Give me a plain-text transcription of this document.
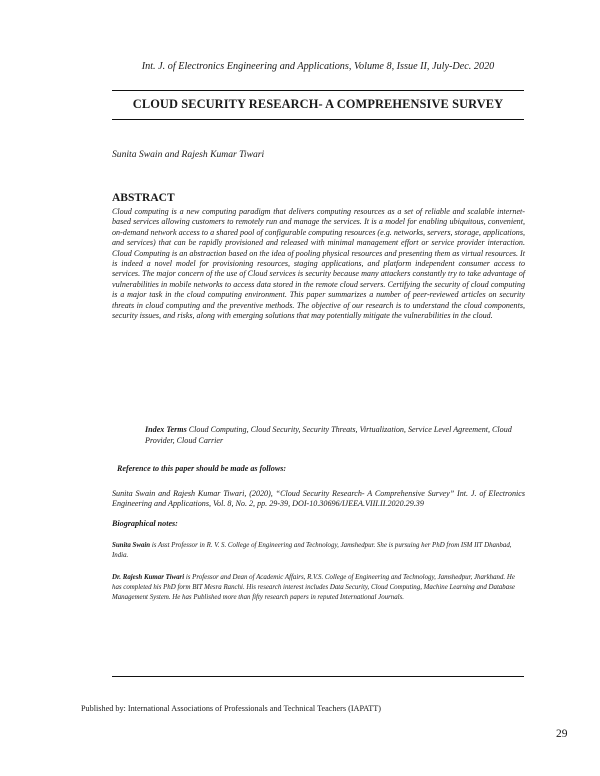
Int. J. of Electronics Engineering and Applications, Volume 8, Issue II, July-Dec. 2020
CLOUD SECURITY RESEARCH- A COMPREHENSIVE SURVEY
Sunita Swain and Rajesh Kumar Tiwari
ABSTRACT
Cloud computing is a new computing paradigm that delivers computing resources as a set of reliable and scalable internet-based services allowing customers to remotely run and manage the services. It is a model for enabling ubiquitous, convenient, on-demand network access to a shared pool of configurable computing resources (e.g. networks, servers, storage, applications, and services) that can be rapidly provisioned and released with minimal management effort or service provider interaction. Cloud Computing is an abstraction based on the idea of pooling physical resources and presenting them as virtual resources. It is indeed a novel model for provisioning resources, staging applications, and platform independent consumer access to services. The major concern of the use of Cloud services is security because many attackers constantly try to take advantage of vulnerabilities in mobile networks to access data stored in the remote cloud servers. Certifying the security of cloud computing is a major task in the cloud computing environment. This paper summarizes a number of peer-reviewed articles on security threats in cloud computing and the preventive methods. The objective of our research is to understand the cloud components, security issues, and risks, along with emerging solutions that may potentially mitigate the vulnerabilities in the cloud.
Index Terms Cloud Computing, Cloud Security, Security Threats, Virtualization, Service Level Agreement, Cloud Provider, Cloud Carrier
Reference to this paper should be made as follows:
Sunita Swain and Rajesh Kumar Tiwari, (2020), “Cloud Security Research- A Comprehensive Survey” Int. J. of Electronics Engineering and Applications, Vol. 8, No. 2, pp. 29-39, DOI-10.30696/IJEEA.VIII.II.2020.29.39
Biographical notes:
Sunita Swain is Asst Professor in R. V. S. College of Engineering and Technology, Jamshedpur. She is pursuing her PhD from ISM IIT Dhanbad, India.
Dr. Rajesh Kumar Tiwari is Professor and Dean of Academic Affairs, R.V.S. College of Engineering and Technology, Jamshedpur, Jharkhand. He has completed his PhD form BIT Mesra Ranchi. His research interest includes Data Security, Cloud Computing, Machine Learning and Database Management System. He has Published more than fifty research papers in reputed International Journals.
Published by: International Associations of Professionals and Technical Teachers (IAPATT)
29
